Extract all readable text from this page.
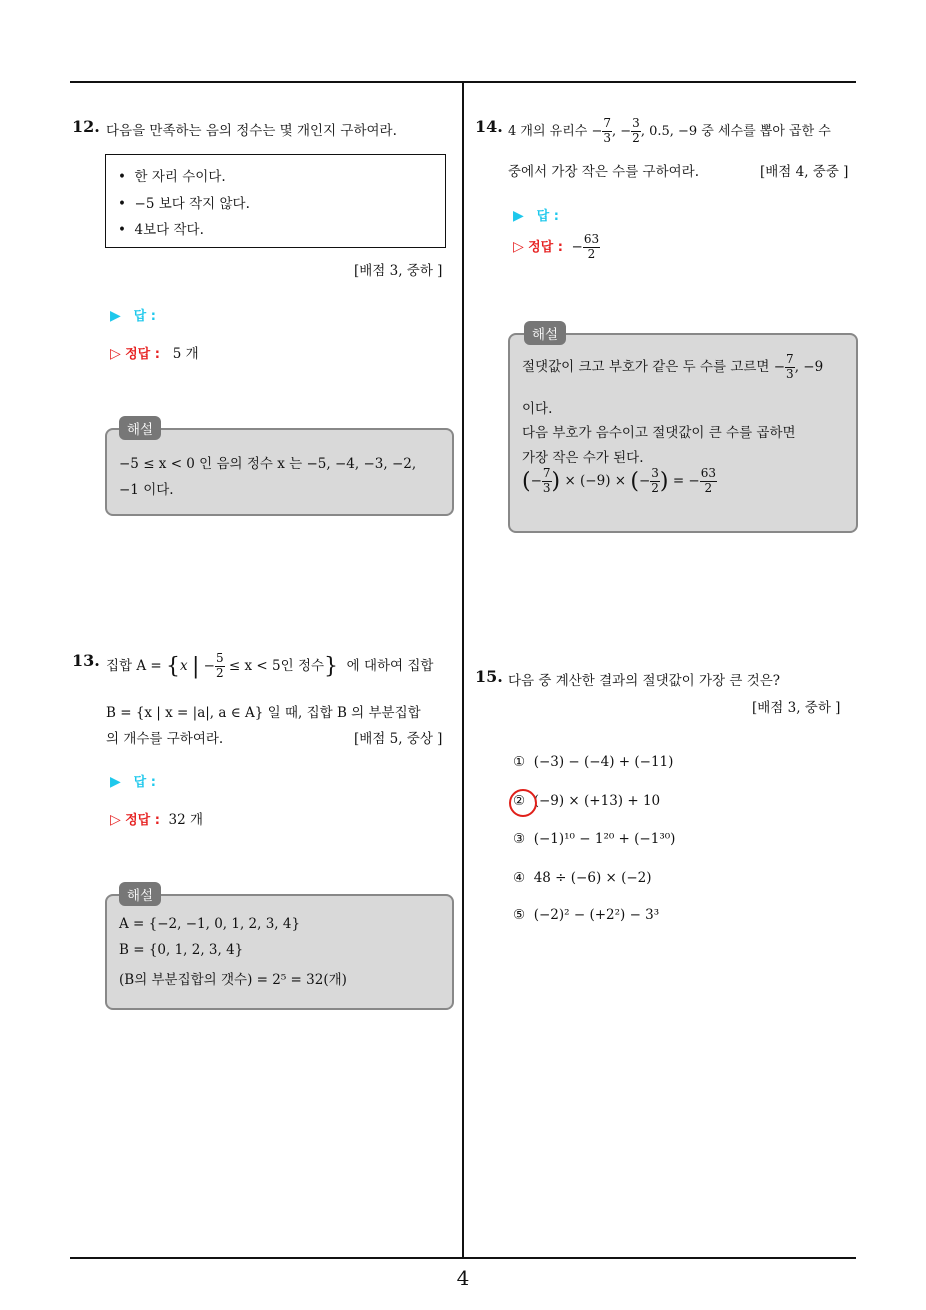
4
12. 다음을 만족하는 음의 정수는 몇 개인지 구하여라.
•  한 자리 수이다.
•  −5 보다 작지 않다.
•  4보다 작다.
[배점 3, 중하 ]
▶ 답 :
▷ 정답 : 5 개
−5 ≤ x < 0 인 음의 정수 x 는 −5, −4, −3, −2,
−1 이다.
해설
13. 집합 A = {x | − $\frac{5}{2} \le x < 5$인 정수} 에 대하여 집합
B = {x | x = |a|, a ∈ A} 일 때, 집합 B 의 부분집합
의 개수를 구하여라.	[배점 5, 중상 ]
▶ 답 :
▷ 정답 : 32 개
A = {−2, −1, 0, 1, 2, 3, 4}
B = {0, 1, 2, 3, 4}
(B의 부분집합의 갯수) = 2⁵ = 32(개)
해설
14. 4 개의 유리수 − $\frac{7}{3}$ , − $\frac{3}{2}$ , 0.5, −9 중 세수를 뽑아 곱한 수
중에서 가장 작은 수를 구하여라.	[배점 4, 중중 ]
▶ 답 :
▷ 정답 : − $\frac{63}{2}$
절댓값이 크고 부호가 같은 두 수를 고르면 − $\frac{7}{3}$ , −9
이다.
다음 부호가 음수이고 절댓값이 큰 수를 곱하면
가장 작은 수가 된다.
(− $\frac{7}{3}$ ) × (−9) × (− $\frac{3}{2}$ ) = − $\frac{63}{2}$
해설
15. 다음 중 계산한 결과의 절댓값이 가장 큰 것은?
[배점 3, 중하 ]
① (−3) − (−4) + (−11)
② (−9) × (+13) + 10
③ (−1)¹⁰ − 1²⁰ + (−1³⁰)
④ 48 ÷ (−6) × (−2)
⑤ (−2)² − (+2²) − 3³
